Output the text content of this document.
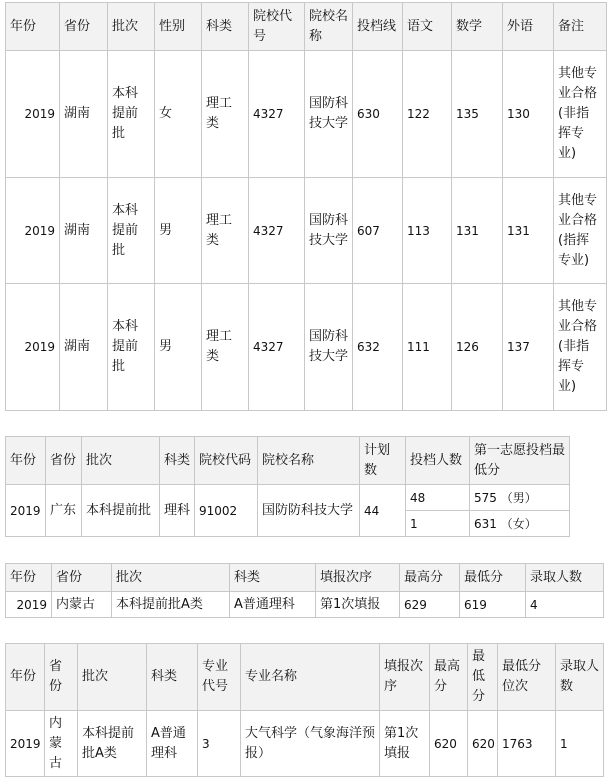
年份	省份	批次	性别	科类	院校代号	院校名称	投档线	语文	数学	外语	备注
2019	湖南	本科提前批	女	理工类	4327	国防科技大学	630	122	135	130	其他专业合格(非指挥专业)
2019	湖南	本科提前批	男	理工类	4327	国防科技大学	607	113	131	131	其他专业合格(指挥专业)
2019	湖南	本科提前批	男	理工类	4327	国防科技大学	632	111	126	137	其他专业合格(非指挥专业)
年份	省份	批次	科类	院校代码	院校名称	计划数	投档人数	第一志愿投档最低分
2019	广东	本科提前批	理科	91002	国防防科技大学	44	48	575 （男）
							1	631 （女）
年份	省份	批次	科类	填报次序	最高分	最低分	录取人数
2019	内蒙古	本科提前批A类	A普通理科	第1次填报	629	619	4
年份	省份	批次	科类	专业代号	专业名称	填报次序	最高分	最低分	最低分位次	录取人数
2019	内蒙古	本科提前批A类	A普通理科	3	大气科学（气象海洋预报）	第1次填报	620	620	1763	1
